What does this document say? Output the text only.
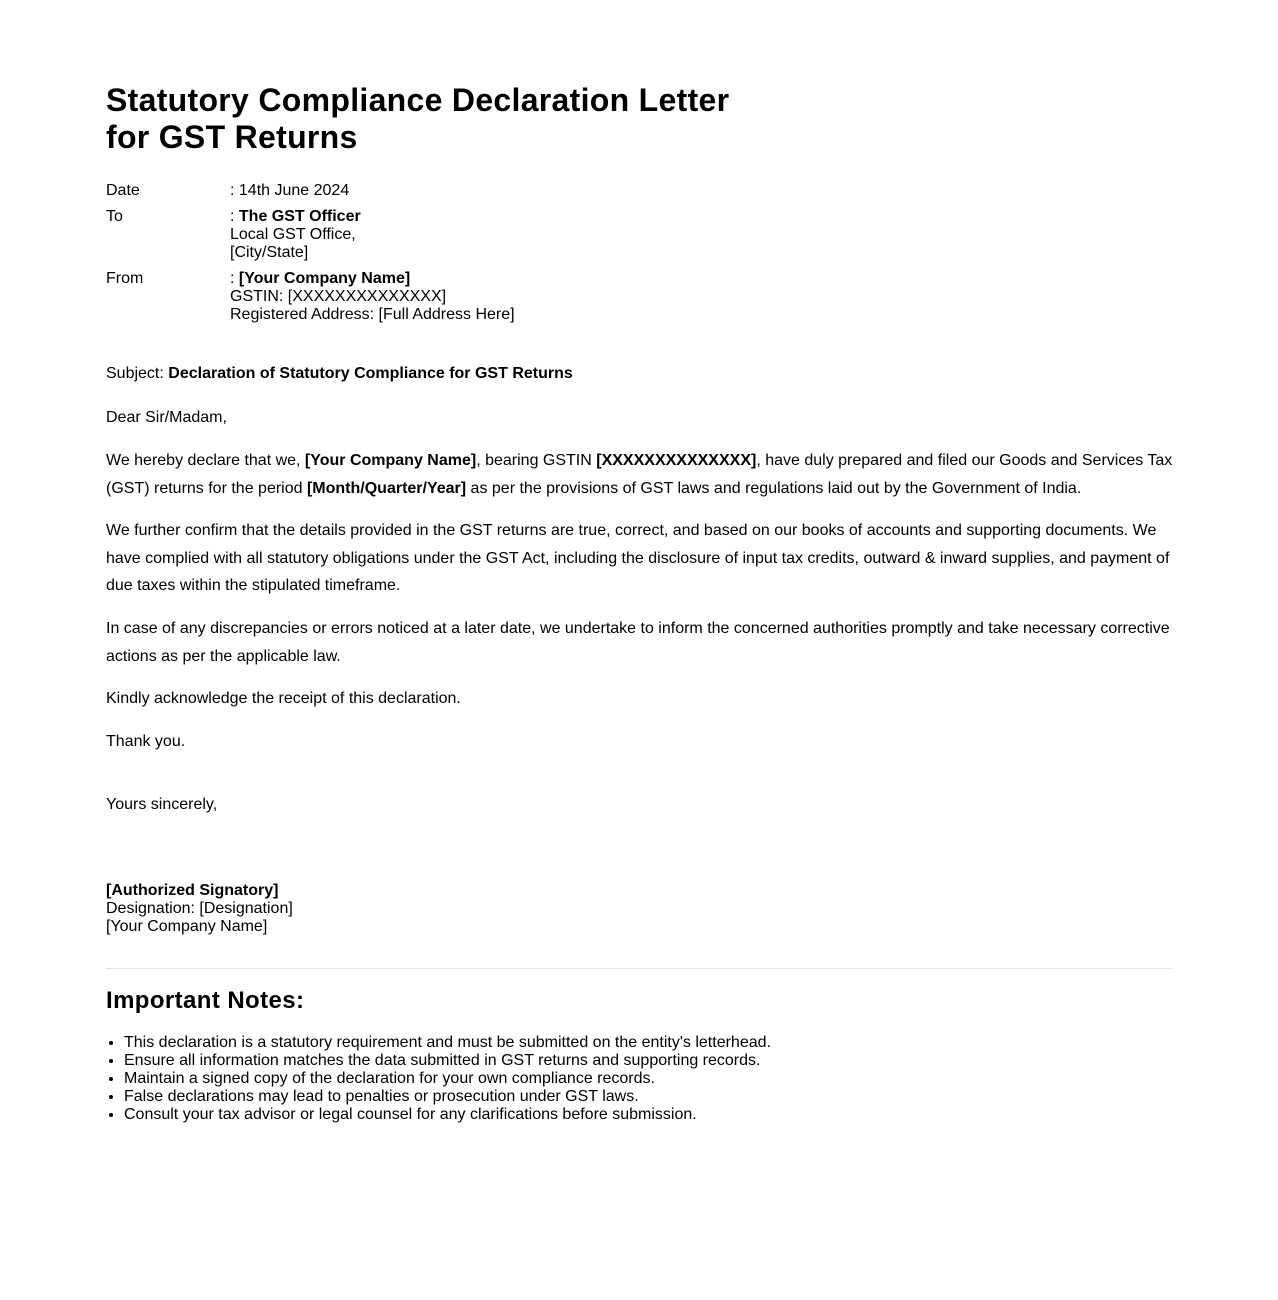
Statutory Compliance Declaration Letter
for GST Returns
Date	: 14th June 2024
To	: The GST Officer
Local GST Office,
[City/State]
From	: [Your Company Name]
GSTIN: [XXXXXXXXXXXXXX]
Registered Address: [Full Address Here]

Subject: Declaration of Statutory Compliance for GST Returns

Dear Sir/Madam,

We hereby declare that we, [Your Company Name], bearing GSTIN [XXXXXXXXXXXXXX], have duly prepared and filed our Goods and Services Tax (GST) returns for the period [Month/Quarter/Year] as per the provisions of GST laws and regulations laid out by the Government of India.

We further confirm that the details provided in the GST returns are true, correct, and based on our books of accounts and supporting documents. We have complied with all statutory obligations under the GST Act, including the disclosure of input tax credits, outward & inward supplies, and payment of due taxes within the stipulated timeframe.

In case of any discrepancies or errors noticed at a later date, we undertake to inform the concerned authorities promptly and take necessary corrective actions as per the applicable law.

Kindly acknowledge the receipt of this declaration.

Thank you.

Yours sincerely,

[Authorized Signatory]
Designation: [Designation]
[Your Company Name]
Important Notes:
• This declaration is a statutory requirement and must be submitted on the entity's letterhead.
• Ensure all information matches the data submitted in GST returns and supporting records.
• Maintain a signed copy of the declaration for your own compliance records.
• False declarations may lead to penalties or prosecution under GST laws.
• Consult your tax advisor or legal counsel for any clarifications before submission.
